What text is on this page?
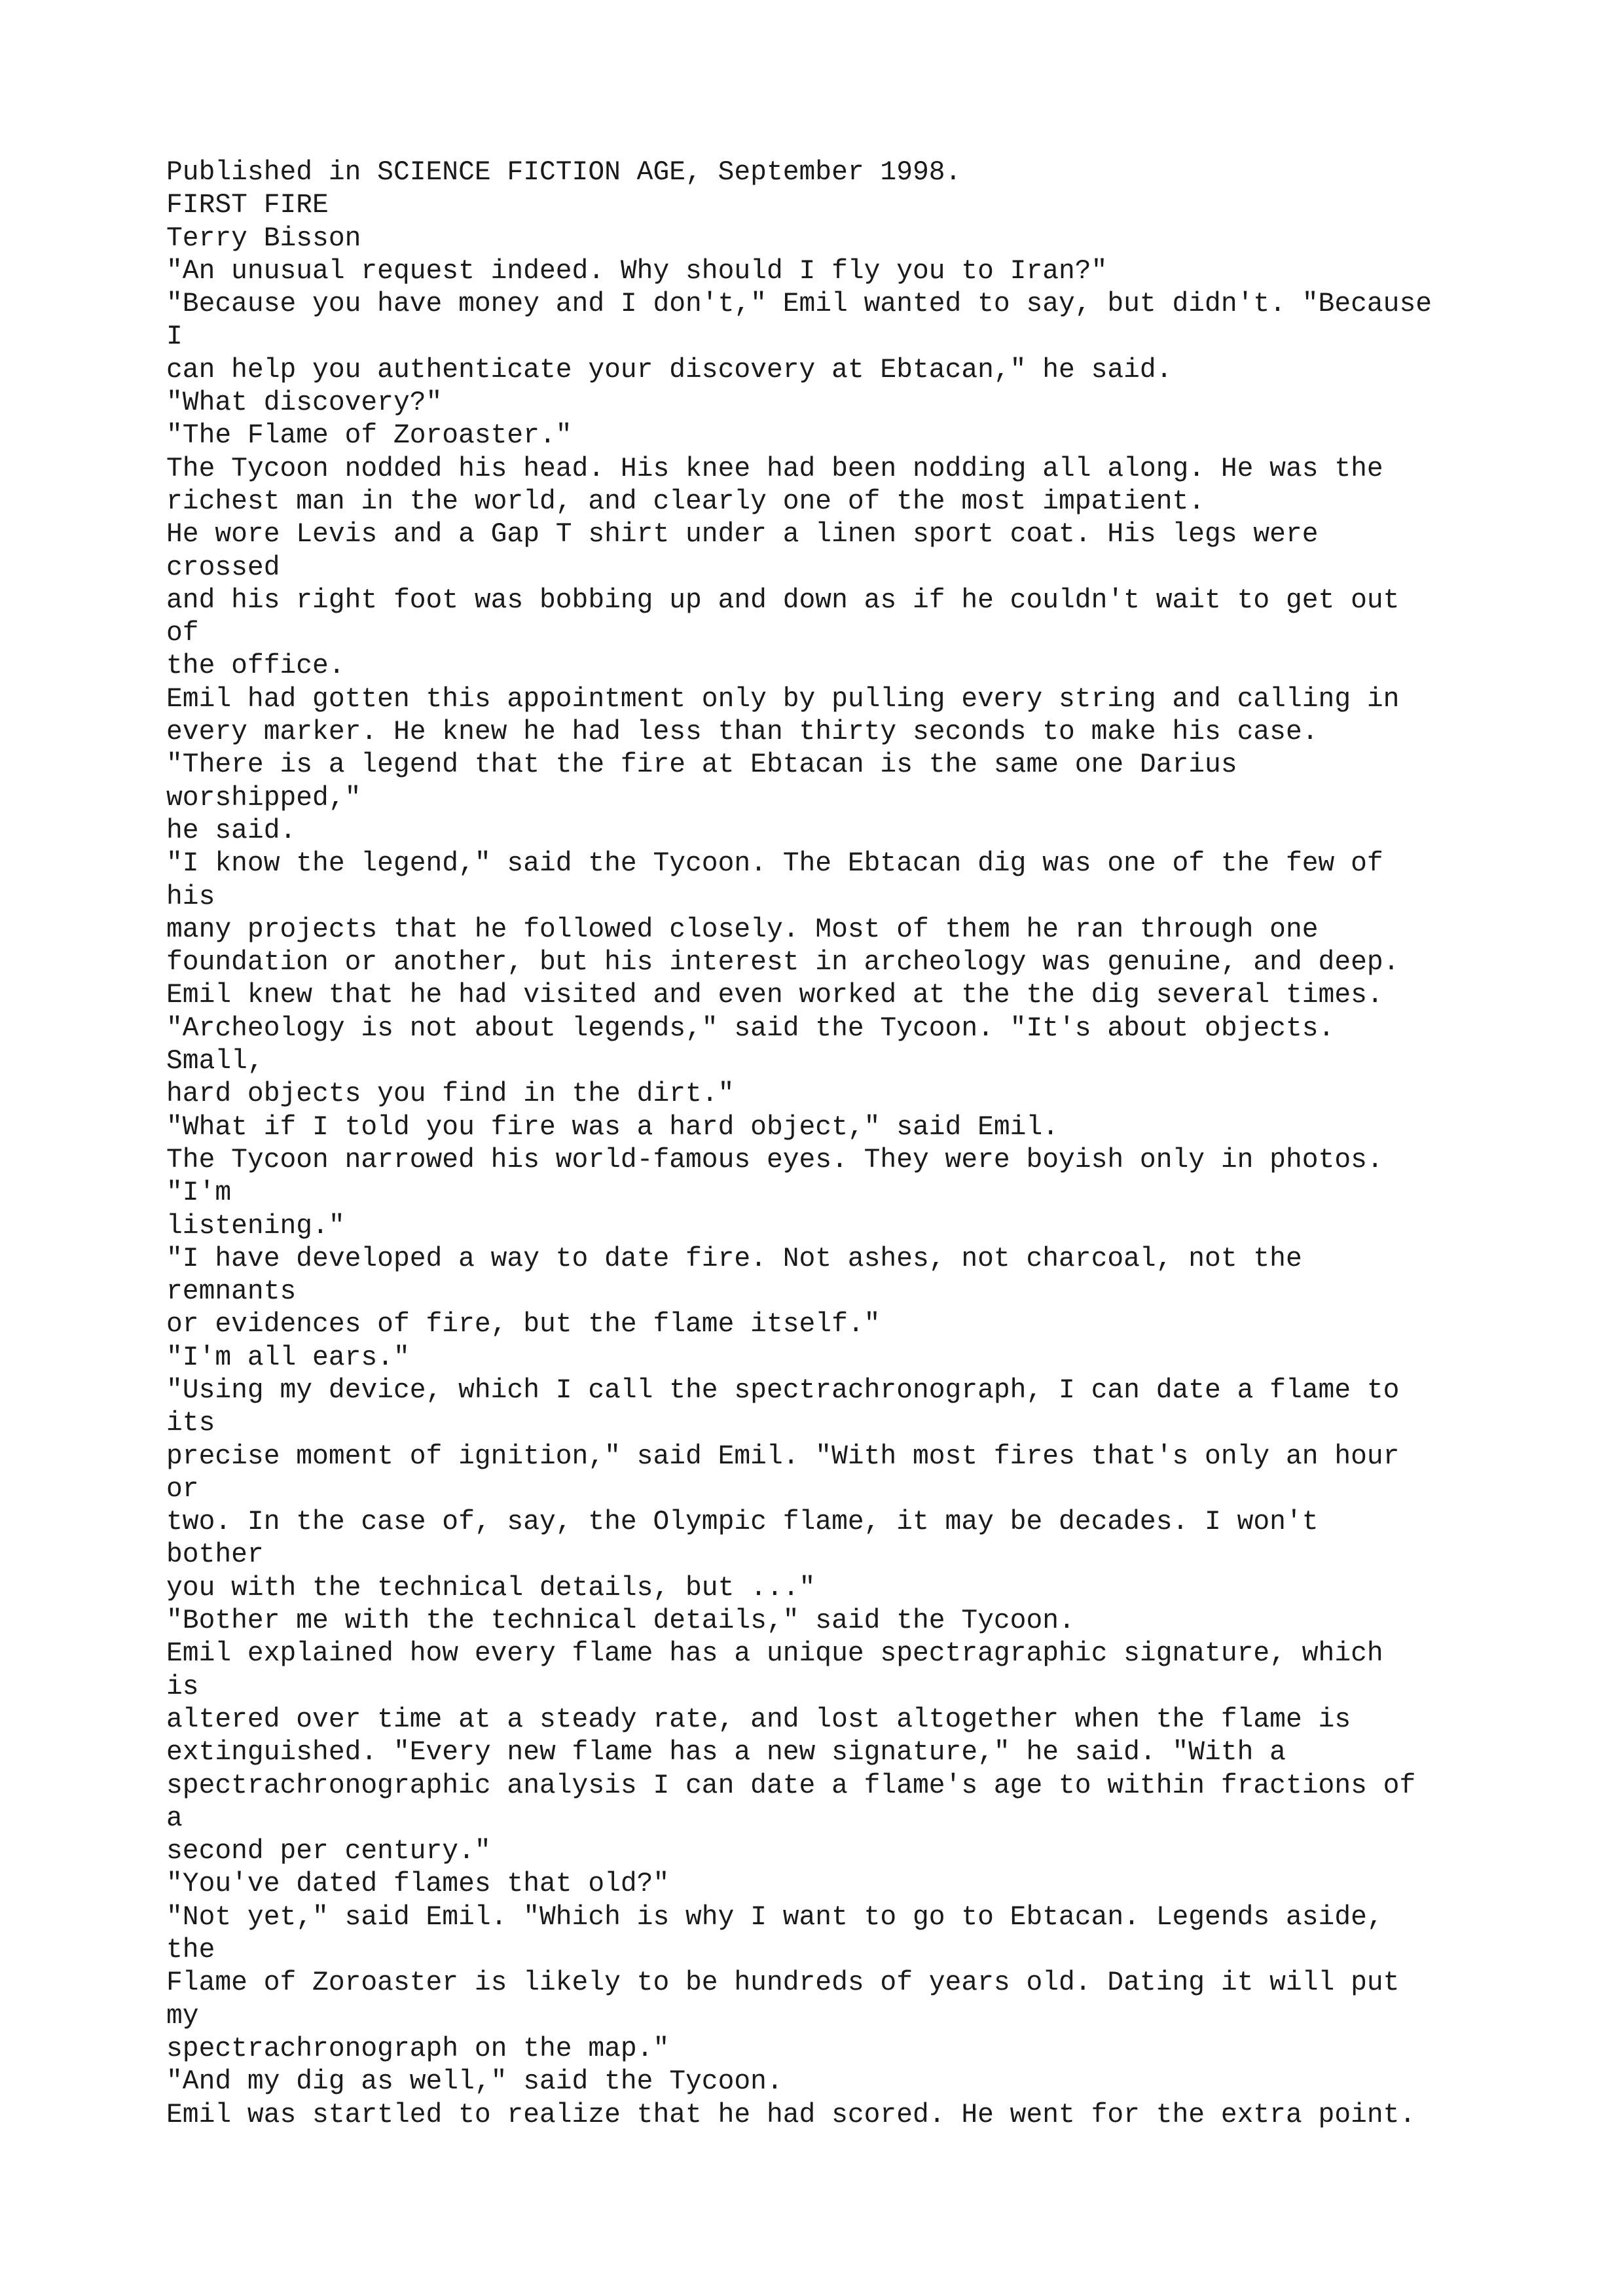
Published in SCIENCE FICTION AGE, September 1998.
FIRST FIRE
Terry Bisson
"An unusual request indeed. Why should I fly you to Iran?"
"Because you have money and I don't," Emil wanted to say, but didn't. "Because
I
can help you authenticate your discovery at Ebtacan," he said.
"What discovery?"
"The Flame of Zoroaster."
The Tycoon nodded his head. His knee had been nodding all along. He was the
richest man in the world, and clearly one of the most impatient.
He wore Levis and a Gap T shirt under a linen sport coat. His legs were
crossed
and his right foot was bobbing up and down as if he couldn't wait to get out
of
the office.
Emil had gotten this appointment only by pulling every string and calling in
every marker. He knew he had less than thirty seconds to make his case.
"There is a legend that the fire at Ebtacan is the same one Darius
worshipped,"
he said.
"I know the legend," said the Tycoon. The Ebtacan dig was one of the few of
his
many projects that he followed closely. Most of them he ran through one
foundation or another, but his interest in archeology was genuine, and deep.
Emil knew that he had visited and even worked at the the dig several times.
"Archeology is not about legends," said the Tycoon. "It's about objects.
Small,
hard objects you find in the dirt."
"What if I told you fire was a hard object," said Emil.
The Tycoon narrowed his world-famous eyes. They were boyish only in photos.
"I'm
listening."
"I have developed a way to date fire. Not ashes, not charcoal, not the
remnants
or evidences of fire, but the flame itself."
"I'm all ears."
"Using my device, which I call the spectrachronograph, I can date a flame to
its
precise moment of ignition," said Emil. "With most fires that's only an hour
or
two. In the case of, say, the Olympic flame, it may be decades. I won't
bother
you with the technical details, but ..."
"Bother me with the technical details," said the Tycoon.
Emil explained how every flame has a unique spectragraphic signature, which
is
altered over time at a steady rate, and lost altogether when the flame is
extinguished. "Every new flame has a new signature," he said. "With a
spectrachronographic analysis I can date a flame's age to within fractions of
a
second per century."
"You've dated flames that old?"
"Not yet," said Emil. "Which is why I want to go to Ebtacan. Legends aside,
the
Flame of Zoroaster is likely to be hundreds of years old. Dating it will put
my
spectrachronograph on the map."
"And my dig as well," said the Tycoon.
Emil was startled to realize that he had scored. He went for the extra point.
